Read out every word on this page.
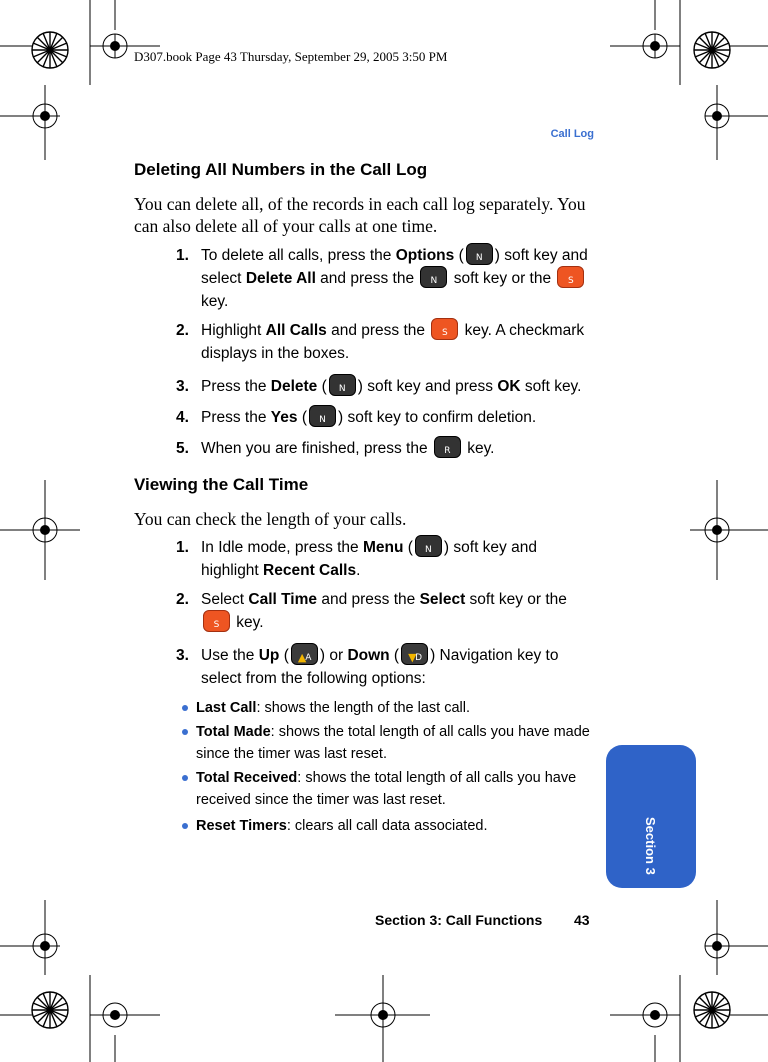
D307.book Page 43 Thursday, September 29, 2005 3:50 PM
Call Log
Deleting All Numbers in the Call Log

You can delete all, of the records in each call log separately. You can also delete all of your calls at one time.

1. To delete all calls, press the Options ( •••
N ) soft key and select Delete All and press the •••
N soft key or the	S
key.
2. Highlight All Calls and press the	S key. A checkmark displays in the boxes.
3. Press the Delete ( •••
N ) soft key and press OK soft key.
4. Press the Yes ( •••
N ) soft key to confirm deletion.
5. When you are finished, press the	R key.
Viewing the Call Time

You can check the length of your calls.

1. In Idle mode, press the Menu ( •••
N ) soft key and highlight Recent Calls.
2. Select Call Time and press the Select soft key or the

S key.
3. Use the Up ( ▲
A ) or Down ( ▼
D ) Navigation key to select from the following options:
Last Call: shows the length of the last call.
Total Made: shows the total length of all calls you have made since the timer was last reset.
Total Received: shows the total length of all calls you have received since the timer was last reset.
Reset Timers: clears all call data associated.	Section 3
Section 3: Call Functions 43
